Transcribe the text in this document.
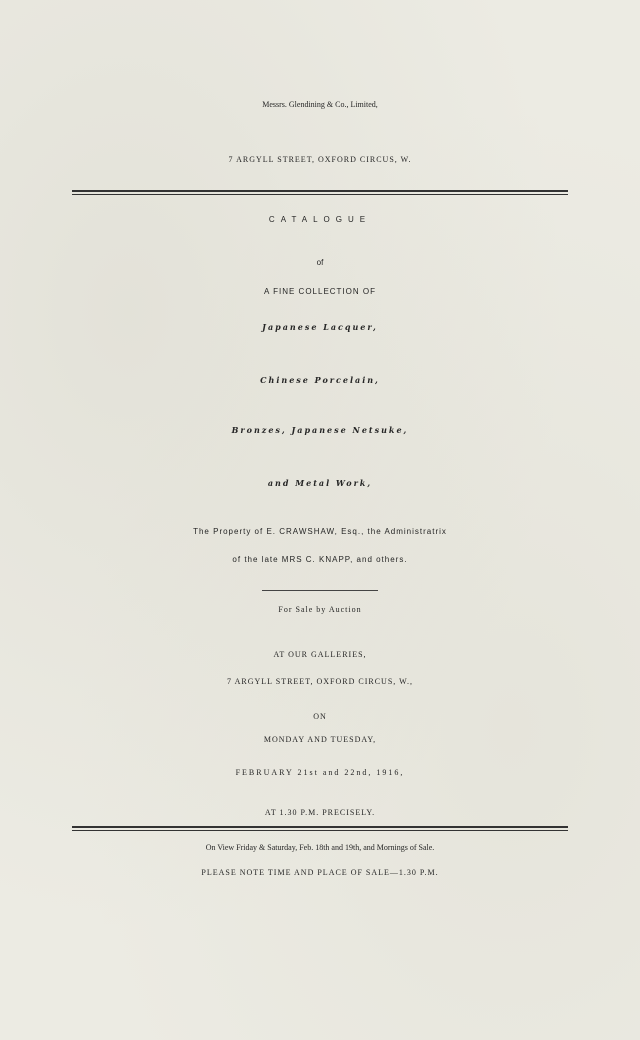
Messrs. Glendining & Co., Limited,
7 ARGYLL STREET, OXFORD CIRCUS, W.
CATALOGUE
of
A FINE COLLECTION OF
Japanese Lacquer,
Chinese Porcelain,
Bronzes, Japanese Netsuke,
and Metal Work,
The Property of E. CRAWSHAW, Esq., the Administratrix
of the late MRS C. KNAPP, and others.
For Sale by Auction
AT OUR GALLERIES,
7 ARGYLL STREET, OXFORD CIRCUS, W.,
ON
MONDAY AND TUESDAY,
FEBRUARY 21st and 22nd, 1916,
AT 1.30 P.M. PRECISELY.
On View Friday & Saturday, Feb. 18th and 19th, and Mornings of Sale.
PLEASE NOTE TIME AND PLACE OF SALE—1.30 P.M.
